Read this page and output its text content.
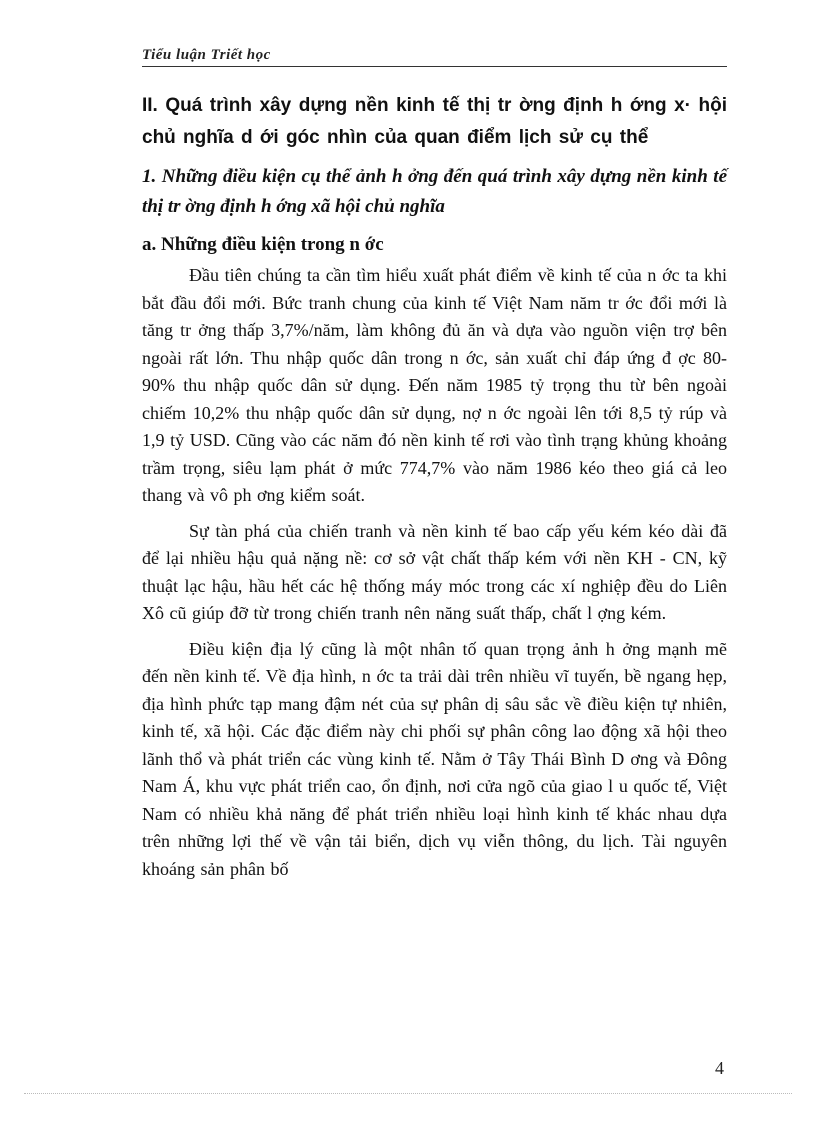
Tiểu luận Triết học
II. Quá trình xây dựng nền kinh tế thị tr ờng định h ớng x· hội chủ nghĩa d ới góc nhìn của quan điểm lịch sử cụ thể
1. Những điều kiện cụ thể ảnh h ởng đến quá trình xây dựng nền kinh tế thị tr ờng định h ớng xã hội chủ nghĩa
a. Những điều kiện trong n ớc

Đầu tiên chúng ta cần tìm hiểu xuất phát điểm về kinh tế của n ớc ta khi bắt đầu đổi mới. Bức tranh chung của kinh tế Việt Nam năm tr ớc đổi mới là tăng tr ởng thấp 3,7%/năm, làm không đủ ăn và dựa vào nguồn viện trợ bên ngoài rất lớn. Thu nhập quốc dân trong n ớc, sản xuất chỉ đáp ứng đ ợc 80-90% thu nhập quốc dân sử dụng. Đến năm 1985 tỷ trọng thu từ bên ngoài chiếm 10,2% thu nhập quốc dân sử dụng, nợ n ớc ngoài lên tới 8,5 tỷ rúp và 1,9 tỷ USD. Cũng vào các năm đó nền kinh tế rơi vào tình trạng khủng khoảng trầm trọng, siêu lạm phát ở mức 774,7% vào năm 1986 kéo theo giá cả leo thang và vô ph ơng kiểm soát.

Sự tàn phá của chiến tranh và nền kinh tế bao cấp yếu kém kéo dài đã để lại nhiều hậu quả nặng nề: cơ sở vật chất thấp kém với nền KH - CN, kỹ thuật lạc hậu, hầu hết các hệ thống máy móc trong các xí nghiệp đều do Liên Xô cũ giúp đỡ từ trong chiến tranh nên năng suất thấp, chất l ợng kém.

Điều kiện địa lý cũng là một nhân tố quan trọng ảnh h ởng mạnh mẽ đến nền kinh tế. Về địa hình, n ớc ta trải dài trên nhiều vĩ tuyến, bề ngang hẹp, địa hình phức tạp mang đậm nét của sự phân dị sâu sắc về điều kiện tự nhiên, kinh tế, xã hội. Các đặc điểm này chi phối sự phân công lao động xã hội theo lãnh thổ và phát triển các vùng kinh tế. Nằm ở Tây Thái Bình D ơng và Đông Nam Á, khu vực phát triển cao, ổn định, nơi cửa ngõ của giao l u quốc tế, Việt Nam có nhiều khả năng để phát triển nhiều loại hình kinh tế khác nhau dựa trên những lợi thế về vận tải biển, dịch vụ viễn thông, du lịch. Tài nguyên khoáng sản phân bố

4
